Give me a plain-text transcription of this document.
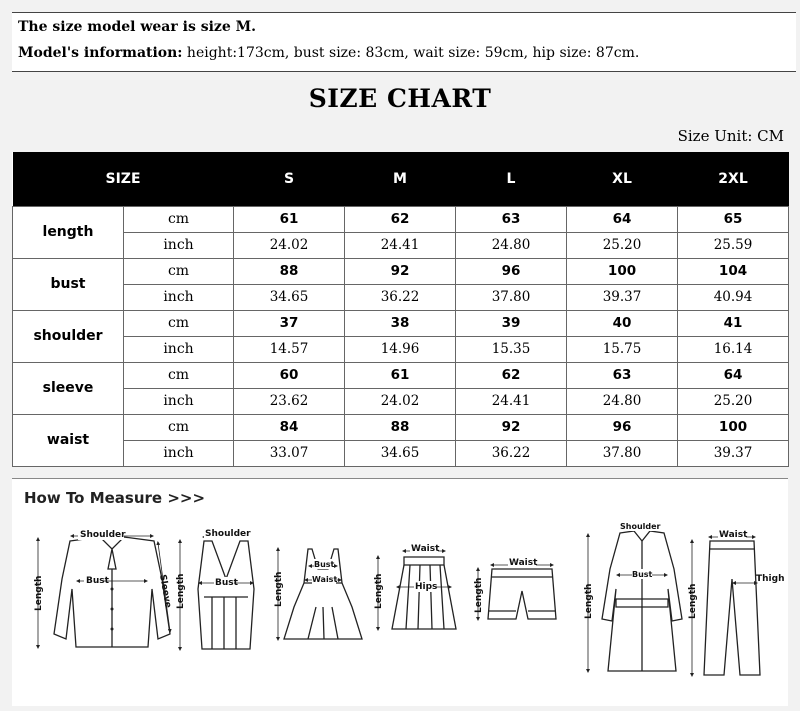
The size model wear is size M.
Model's information: height:173cm, bust size: 83cm, wait size: 59cm, hip size: 87cm.
SIZE CHART
Size Unit: CM
SIZE		S	M	L	XL	2XL
length	cm	61	62	63	64	65
	inch	24.02	24.41	24.80	25.20	25.59
bust	cm	88	92	96	100	104
	inch	34.65	36.22	37.80	39.37	40.94
shoulder	cm	37	38	39	40	41
	inch	14.57	14.96	15.35	15.75	16.14
sleeve	cm	60	61	62	63	64
	inch	23.62	24.02	24.41	24.80	25.20
waist	cm	84	88	92	96	100
	inch	33.07	34.65	36.22	37.80	39.37
Shoulder
Bust
Length	Sleeve
Shoulder
Bust
Length
Bust
Waist
Length
Waist
Hips
Length
Waist
Length
Shoulder
Bust
Length
Waist
Thigh
Length
How To Measure >>>
